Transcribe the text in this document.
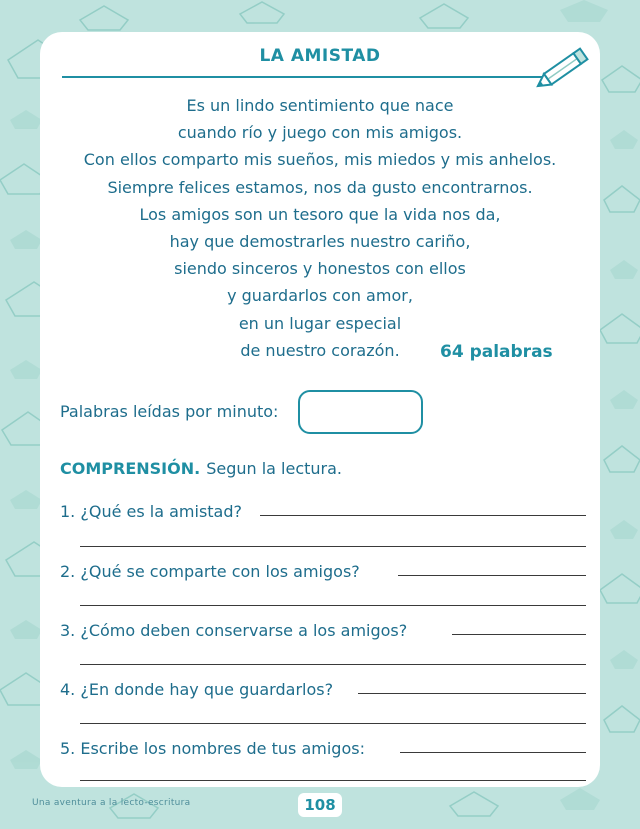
LA AMISTAD
Es un lindo sentimiento que nace
cuando río y juego con mis amigos.
Con ellos comparto mis sueños, mis miedos y mis anhelos.
Siempre felices estamos, nos da gusto encontrarnos.
Los amigos son un tesoro que la vida nos da,
hay que demostrarles nuestro cariño,
siendo sinceros y honestos con ellos
y guardarlos con amor,
en un lugar especial
de nuestro corazón.	64 palabras
Palabras leídas por minuto:
COMPRENSIÓN. Segun la lectura.
1. ¿Qué es la amistad?
2. ¿Qué se comparte con los amigos?
3. ¿Cómo deben conservarse a los amigos?
4. ¿En donde hay que guardarlos?
5. Escribe los nombres de tus amigos:
Una aventura a la lecto-escritura	108
